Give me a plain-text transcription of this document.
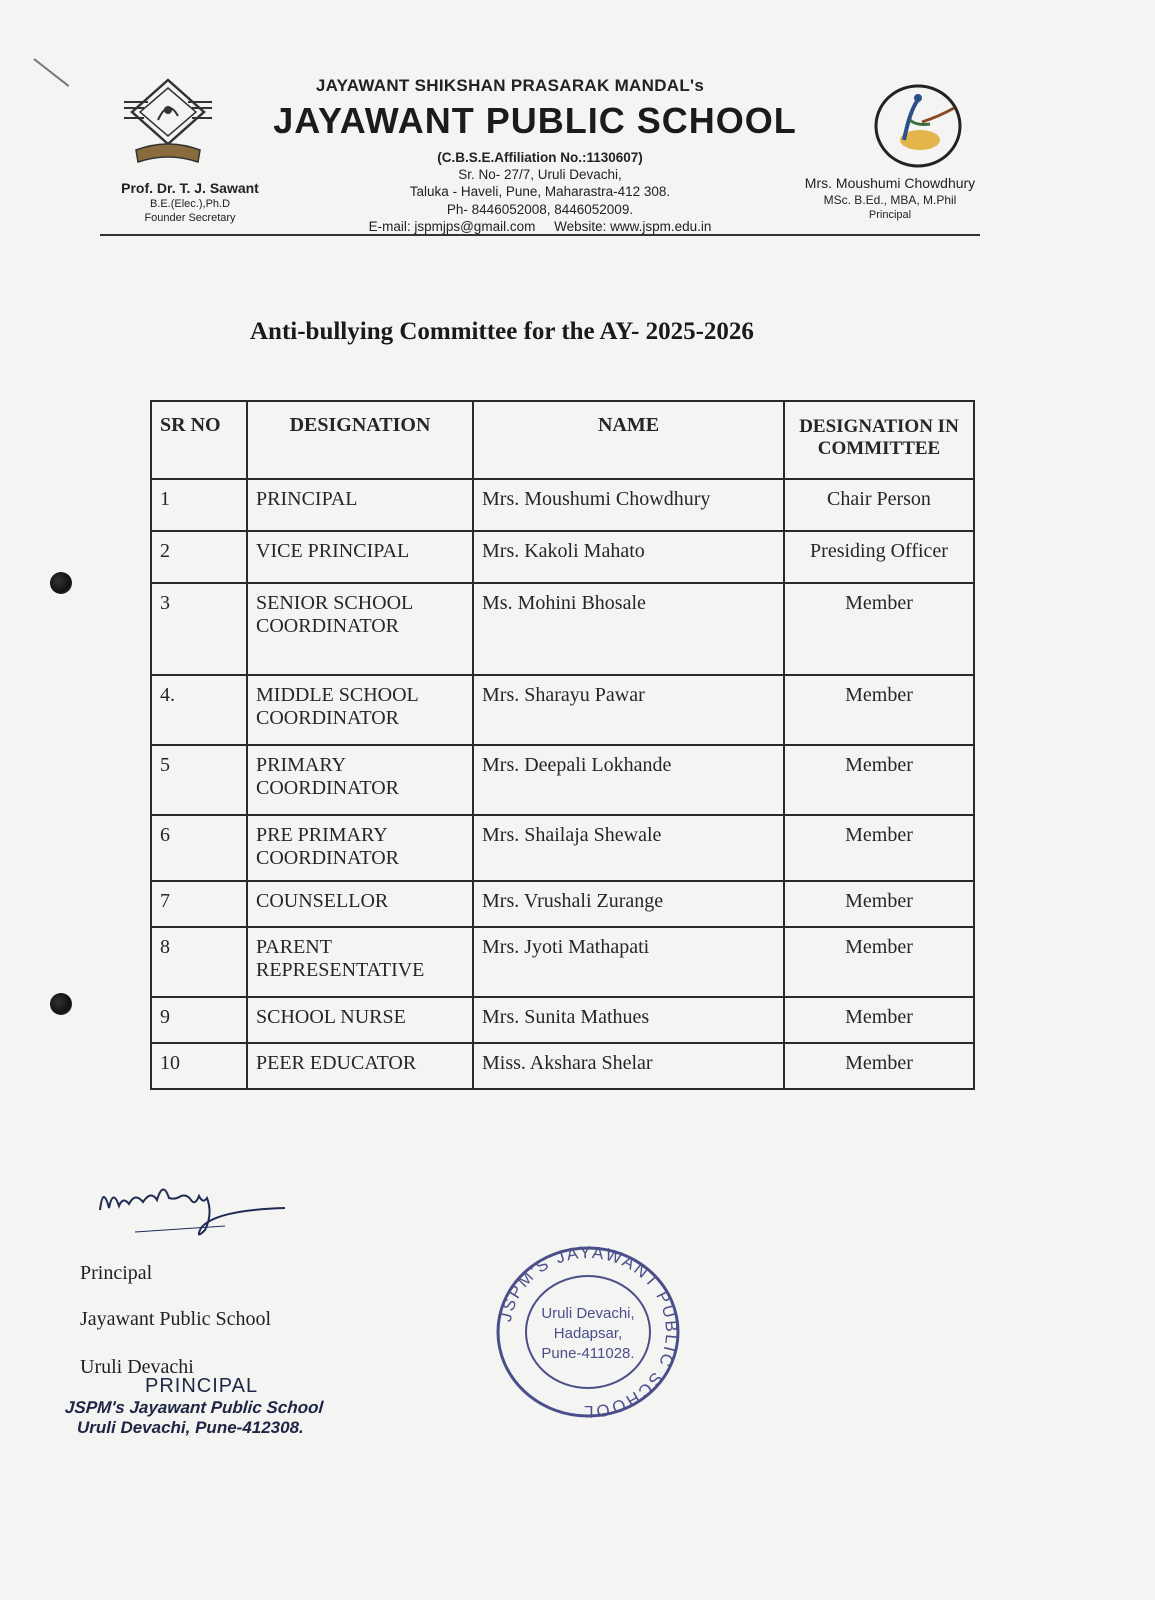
JAYAWANT SHIKSHAN PRASARAK MANDAL's
JAYAWANT PUBLIC SCHOOL
(C.B.S.E.Affiliation No.:1130607)
Sr. No- 27/7, Uruli Devachi,
Taluka - Haveli, Pune, Maharastra-412 308.
Ph- 8446052008, 8446052009.
E-mail: jspmjps@gmail.com     Website: www.jspm.edu.in
Prof. Dr. T. J. Sawant
B.E.(Elec.),Ph.D
Founder Secretary
Mrs. Moushumi Chowdhury
MSc. B.Ed., MBA, M.Phil
Principal
Anti-bullying Committee for the AY- 2025-2026
SR NO	DESIGNATION	NAME	DESIGNATION IN COMMITTEE
1	PRINCIPAL	Mrs. Moushumi Chowdhury	Chair Person
2	VICE PRINCIPAL	Mrs. Kakoli Mahato	Presiding Officer
3	SENIOR SCHOOL COORDINATOR	Ms. Mohini Bhosale	Member
4.	MIDDLE SCHOOL COORDINATOR	Mrs. Sharayu Pawar	Member
5	PRIMARY COORDINATOR	Mrs. Deepali Lokhande	Member
6	PRE PRIMARY COORDINATOR	Mrs. Shailaja Shewale	Member
7	COUNSELLOR	Mrs. Vrushali Zurange	Member
8	PARENT REPRESENTATIVE	Mrs. Jyoti Mathapati	Member
9	SCHOOL NURSE	Mrs. Sunita Mathues	Member
10	PEER EDUCATOR	Miss. Akshara Shelar	Member
Principal
Jayawant Public School
Uruli Devachi
PRINCIPAL
JSPM's Jayawant Public School
Uruli Devachi, Pune-412308.
JSPM'S JAYAWANT PUBLIC SCHOOL
Uruli Devachi,
Hadapsar,
Pune-411028.
